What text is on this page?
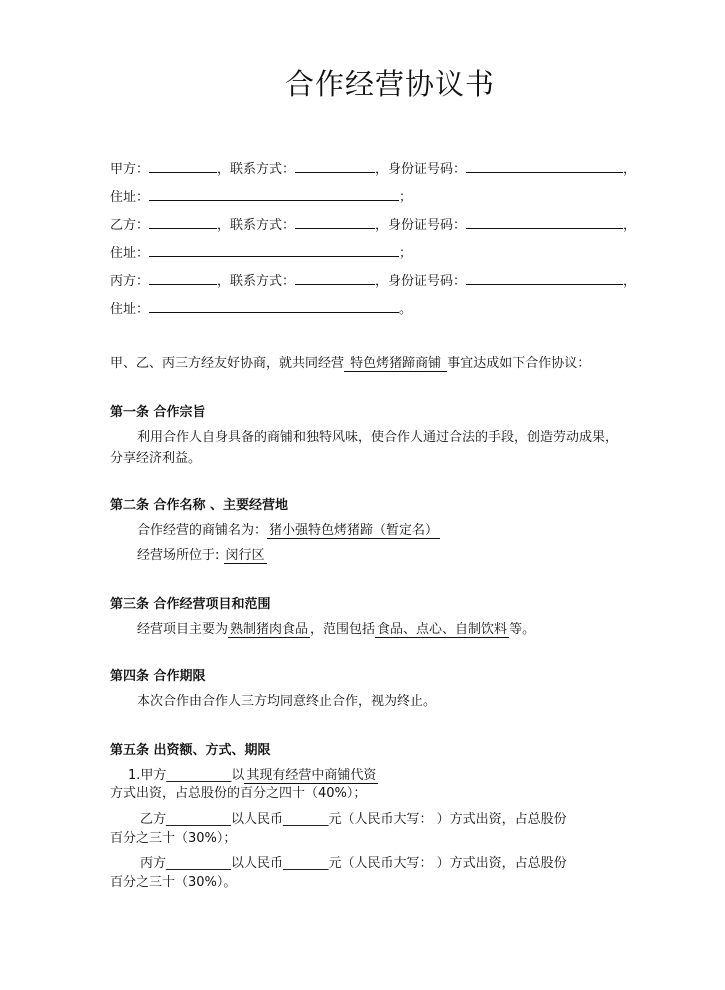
合作经营协议书
甲方：	，联系方式：	，身份证号码：	，
住址：	；
乙方：	，联系方式：	，身份证号码：	，
住址：	；
丙方：	，联系方式：	，身份证号码：	，
住址：	。
甲、乙、丙三方经友好协商，就共同经营 特色烤猪蹄商铺 事宜达成如下合作协议：
第一条 合作宗旨
利用合作人自身具备的商铺和独特风味，使合作人通过合法的手段，创造劳动成果，
分享经济利益。
第二条 合作名称 、主要经营地
合作经营的商铺名为： 猪小强特色烤猪蹄（暂定名）
经营场所位于: 闵行区
第三条 合作经营项目和范围
经营项目主要为 熟制猪肉食品 ，范围包括 食品、点心、自制饮料 等。
第四条 合作期限
本次合作由合作人三方均同意终止合作，视为终止。
第五条 出资额、方式、期限
1.甲方__________以 其现有经营中商铺代资
方式出资，占总股份的百分之四十（40%）；
乙方__________以人民币_______元（人民币大写： ）方式出资，占总股份
百分之三十（30%）；
丙方__________以人民币_______元（人民币大写： ）方式出资，占总股份
百分之三十（30%）。
